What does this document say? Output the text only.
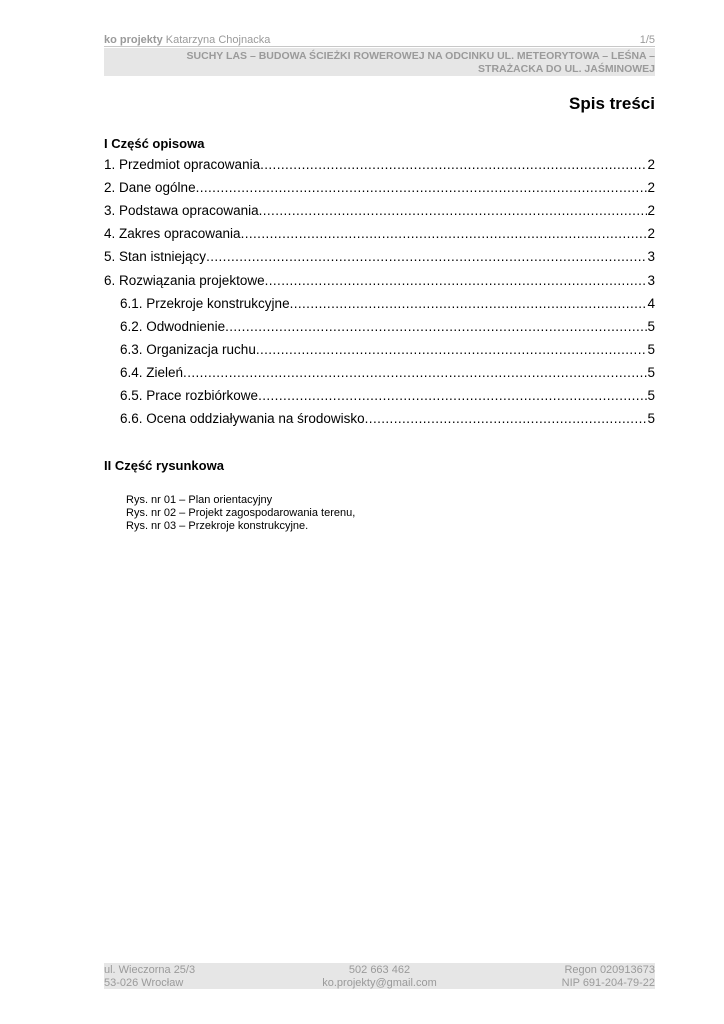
ko projekty Katarzyna Chojnacka	1/5
SUCHY LAS – BUDOWA ŚCIEŻKI ROWEROWEJ NA ODCINKU UL. METEORYTOWA – LEŚNA –
STRAŻACKA DO UL. JAŚMINOWEJ
Spis treści
I Część opisowa
1. Przedmiot opracowania .....	2
2. Dane ogólne .....	2
3. Podstawa opracowania .....	2
4. Zakres opracowania .....	2
5. Stan istniejący .....	3
6. Rozwiązania projektowe .....	3
6.1. Przekroje konstrukcyjne .....	4
6.2. Odwodnienie .....	5
6.3. Organizacja ruchu .....	5
6.4. Zieleń .....	5
6.5. Prace rozbiórkowe .....	5
6.6. Ocena oddziaływania na środowisko .....	5
II Część rysunkowa
Rys. nr 01 – Plan orientacyjny
Rys. nr 02 – Projekt zagospodarowania terenu,
Rys. nr 03 – Przekroje konstrukcyjne.
ul. Wieczorna 25/3
53-026 Wrocław
502 663 462
ko.projekty@gmail.com
Regon 020913673
NIP 691-204-79-22
